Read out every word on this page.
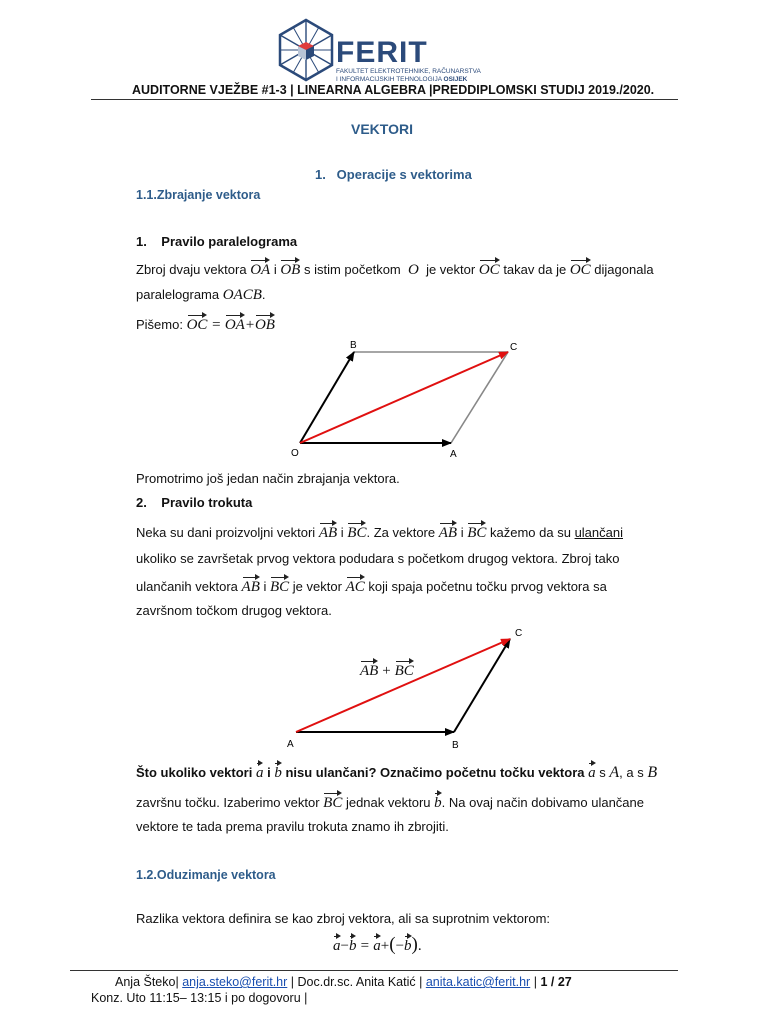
FERIT
FAKULTET ELEKTROTEHNIKE, RAČUNARSTVA
I INFORMACIJSKIH TEHNOLOGIJA OSIJEK
AUDITORNE VJEŽBE #1-3 | LINEARNA ALGEBRA |PREDDIPLOMSKI STUDIJ 2019./2020.
VEKTORI
1.   Operacije s vektorima
1.1.Zbrajanje vektora
1.    Pravilo paralelograma
Zbroj dvaju vektora OA i OB s istim početkom O je vektor OC takav da je OC dijagonala
paralelograma OACB.
Pišemo: OC = OA+OB
B	C
O	A
Promotrimo još jedan način zbrajanja vektora.
2.    Pravilo trokuta
Neka su dani proizvoljni vektori AB i BC. Za vektore AB i BC kažemo da su ulančani
ukoliko se završetak prvog vektora podudara s početkom drugog vektora. Zbroj tako
ulančanih vektora AB i BC je vektor AC koji spaja početnu točku prvog vektora sa
završnom točkom drugog vektora.
C
A	B
AB + BC
Što ukoliko vektori a i b nisu ulančani? Označimo početnu točku vektora a s A, a s B
završnu točku. Izaberimo vektor BC jednak vektoru b. Na ovaj način dobivamo ulančane
vektore te tada prema pravilu trokuta znamo ih zbrojiti.
1.2.Oduzimanje vektora
Razlika vektora definira se kao zbroj vektora, ali sa suprotnim vektorom:
a−b = a+(−b).
Anja Šteko| anja.steko@ferit.hr | Doc.dr.sc. Anita Katić | anita.katic@ferit.hr | 1 / 27
Konz. Uto 11:15– 13:15 i po dogovoru |
